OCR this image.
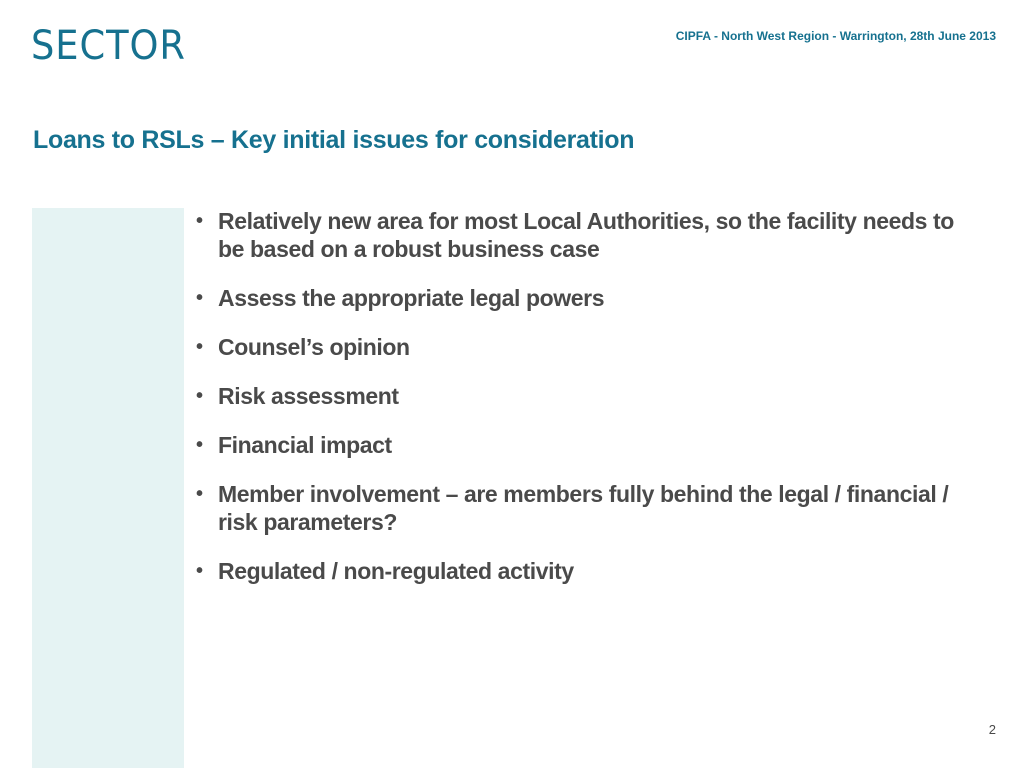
SECTOR	CIPFA - North West Region - Warrington, 28th June 2013
Loans to RSLs – Key initial issues for consideration
• Relatively new area for most Local Authorities, so the facility needs to be based on a robust business case
• Assess the appropriate legal powers
• Counsel’s opinion
• Risk assessment
• Financial impact
• Member involvement – are members fully behind the legal / financial / risk parameters?
• Regulated / non-regulated activity
2
